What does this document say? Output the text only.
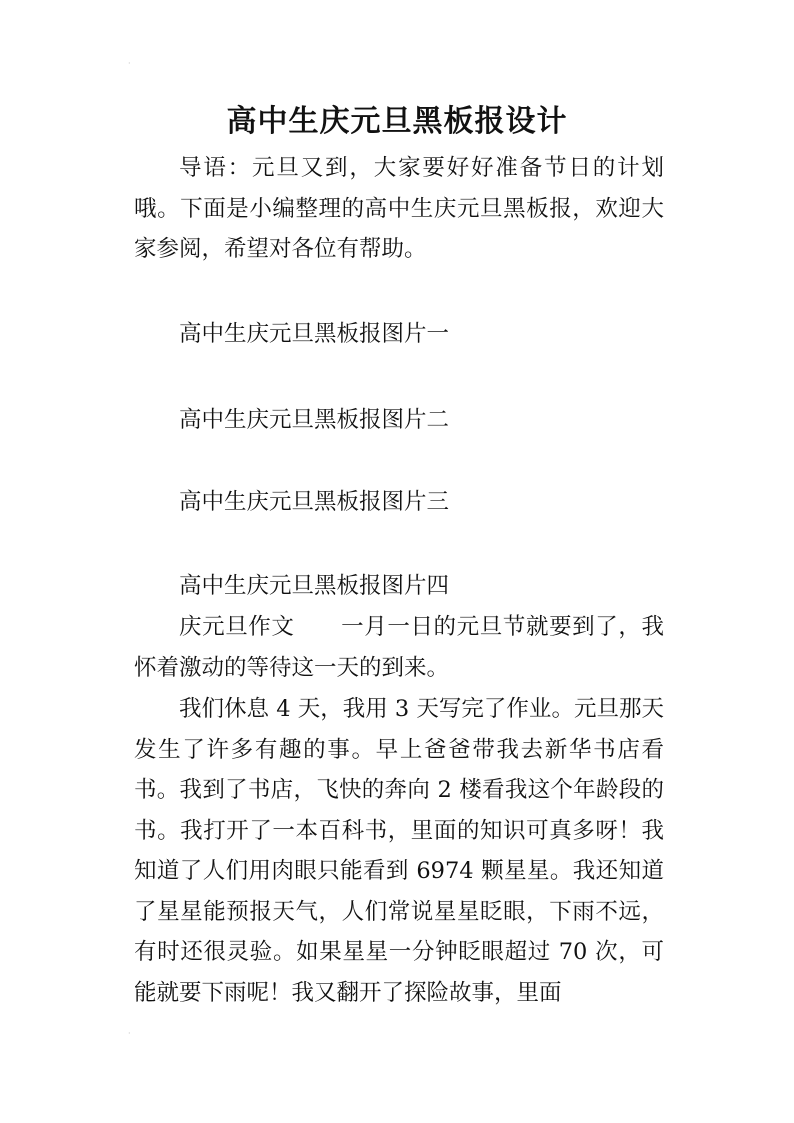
·
·
高中生庆元旦黑板报设计

导语：元旦又到，大家要好好准备节日的计划哦。下面是小编整理的高中生庆元旦黑板报，欢迎大家参阅，希望对各位有帮助。

高中生庆元旦黑板报图片一

高中生庆元旦黑板报图片二

高中生庆元旦黑板报图片三

高中生庆元旦黑板报图片四

庆元旦作文 一月一日的元旦节就要到了，我怀着激动的等待这一天的到来。

我们休息 4 天，我用 3 天写完了作业。元旦那天发生了许多有趣的事。早上爸爸带我去新华书店看书。我到了书店，飞快的奔向 2 楼看我这个年龄段的书。我打开了一本百科书，里面的知识可真多呀！我知道了人们用肉眼只能看到 6974 颗星星。我还知道了星星能预报天气，人们常说星星眨眼，下雨不远，有时还很灵验。如果星星一分钟眨眼超过 70 次，可能就要下雨呢！我又翻开了探险故事，里面
